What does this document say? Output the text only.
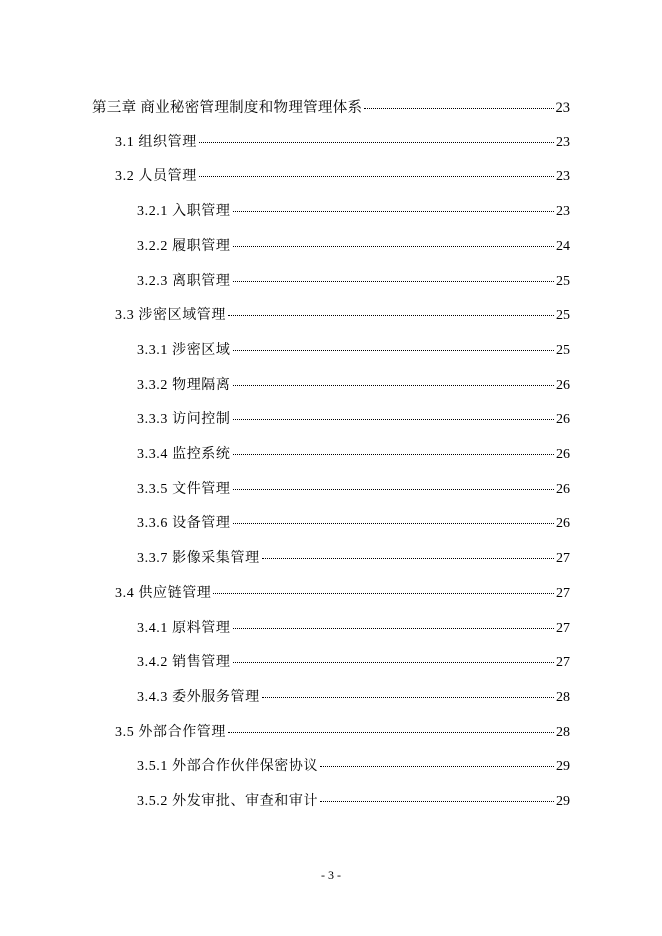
第三章 商业秘密管理制度和物理管理体系	23
3.1 组织管理	23
3.2 人员管理	23
3.2.1 入职管理	23
3.2.2 履职管理	24
3.2.3 离职管理	25
3.3 涉密区域管理	25
3.3.1 涉密区域	25
3.3.2 物理隔离	26
3.3.3 访问控制	26
3.3.4 监控系统	26
3.3.5 文件管理	26
3.3.6 设备管理	26
3.3.7 影像采集管理	27
3.4 供应链管理	27
3.4.1 原料管理	27
3.4.2 销售管理	27
3.4.3 委外服务管理	28
3.5 外部合作管理	28
3.5.1 外部合作伙伴保密协议	29
3.5.2 外发审批、审查和审计	29
- 3 -
